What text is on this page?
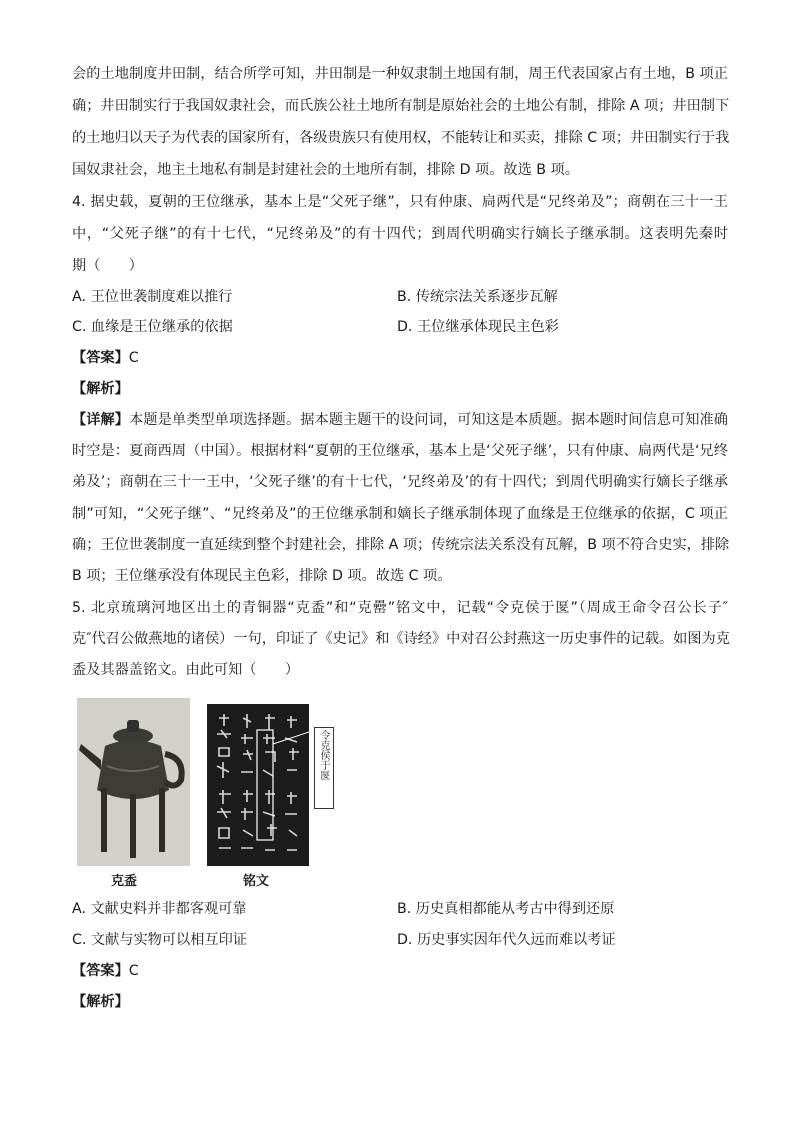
会的土地制度井田制，结合所学可知，井田制是一种奴隶制土地国有制，周王代表国家占有土地，B 项正
确；井田制实行于我国奴隶社会，而氏族公社土地所有制是原始社会的土地公有制，排除 A 项；井田制下
的土地归以天子为代表的国家所有，各级贵族只有使用权，不能转让和买卖，排除 C 项；井田制实行于我
国奴隶社会，地主土地私有制是封建社会的土地所有制，排除 D 项。故选 B 项。
4. 据史载，夏朝的王位继承，基本上是“父死子继”，只有仲康、扃两代是“兄终弟及”；商朝在三十一王
中，“父死子继”的有十七代，“兄终弟及”的有十四代；到周代明确实行嫡长子继承制。这表明先秦时
期（　　）
A. 王位世袭制度难以推行	B. 传统宗法关系逐步瓦解
C. 血缘是王位继承的依据	D. 王位继承体现民主色彩
【答案】C
【解析】
【详解】本题是单类型单项选择题。据本题主题干的设问词，可知这是本质题。据本题时间信息可知准确
时空是：夏商西周（中国）。根据材料“夏朝的王位继承，基本上是‘父死子继’，只有仲康、扃两代是‘兄终
弟及’；商朝在三十一王中，‘父死子继’的有十七代，‘兄终弟及’的有十四代；到周代明确实行嫡长子继承
制”可知，“父死子继”、“兄终弟及”的王位继承制和嫡长子继承制体现了血缘是王位继承的依据，C 项正
确；王位世袭制度一直延续到整个封建社会，排除 A 项；传统宗法关系没有瓦解，B 项不符合史实，排除
B 项；王位继承没有体现民主色彩，排除 D 项。故选 C 项。
5. 北京琉璃河地区出土的青铜器“克盉”和“克罍”铭文中，记载“令克侯于匽”（周成王命令召公长子″
克″代召公做燕地的诸侯）一句，印证了《史记》和《诗经》中对召公封燕这一历史事件的记载。如图为克
盉及其器盖铭文。由此可知（　　）
令克侯于匽
克盉	铭文
A. 文献史料并非都客观可靠	B. 历史真相都能从考古中得到还原
C. 文献与实物可以相互印证	D. 历史事实因年代久远而难以考证
【答案】C
【解析】
